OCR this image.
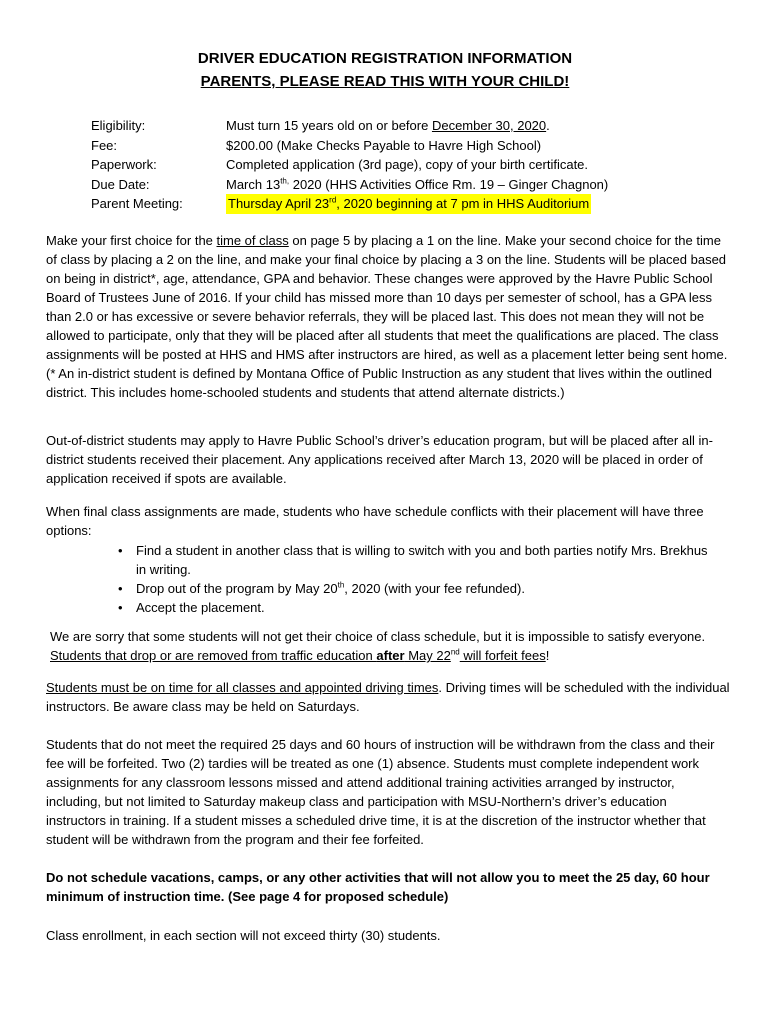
DRIVER EDUCATION REGISTRATION INFORMATION
PARENTS, PLEASE READ THIS WITH YOUR CHILD!
Eligibility:	Must turn 15 years old on or before December 30, 2020.
Fee:	$200.00 (Make Checks Payable to Havre High School)
Paperwork:	Completed application (3rd page), copy of your birth certificate.
Due Date:	March $13^{th,}$ 2020 (HHS Activities Office Rm. 19 – Ginger Chagnon)
Parent Meeting:	Thursday April 23rd, 2020 beginning at 7 pm in HHS Auditorium
Make your first choice for the time of class on page 5 by placing a 1 on the line. Make your second choice for the time of class by placing a 2 on the line, and make your final choice by placing a 3 on the line. Students will be placed based on being in district*, age, attendance, GPA and behavior. These changes were approved by the Havre Public School Board of Trustees June of 2016. If your child has missed more than 10 days per semester of school, has a GPA less than 2.0 or has excessive or severe behavior referrals, they will be placed last. This does not mean they will not be allowed to participate, only that they will be placed after all students that meet the qualifications are placed. The class assignments will be posted at HHS and HMS after instructors are hired, as well as a placement letter being sent home. (* An in-district student is defined by Montana Office of Public Instruction as any student that lives within the outlined district. This includes home-schooled students and students that attend alternate districts.)
Out-of-district students may apply to Havre Public School’s driver’s education program, but will be placed after all in-district students received their placement. Any applications received after March 13, 2020 will be placed in order of application received if spots are available.
When final class assignments are made, students who have schedule conflicts with their placement will have three options:
• Find a student in another class that is willing to switch with you and both parties notify Mrs. Brekhus in writing.
• Drop out of the program by May 20th, 2020 (with your fee refunded).
• Accept the placement.
We are sorry that some students will not get their choice of class schedule, but it is impossible to satisfy everyone. Students that drop or are removed from traffic education after May 22nd will forfeit fees!
Students must be on time for all classes and appointed driving times. Driving times will be scheduled with the individual instructors. Be aware class may be held on Saturdays.
Students that do not meet the required 25 days and 60 hours of instruction will be withdrawn from the class and their fee will be forfeited. Two (2) tardies will be treated as one (1) absence. Students must complete independent work assignments for any classroom lessons missed and attend additional training activities arranged by instructor, including, but not limited to Saturday makeup class and participation with MSU-Northern’s driver’s education instructors in training. If a student misses a scheduled drive time, it is at the discretion of the instructor whether that student will be withdrawn from the program and their fee forfeited.
Do not schedule vacations, camps, or any other activities that will not allow you to meet the 25 day, 60 hour minimum of instruction time. (See page 4 for proposed schedule)
Class enrollment, in each section will not exceed thirty (30) students.
